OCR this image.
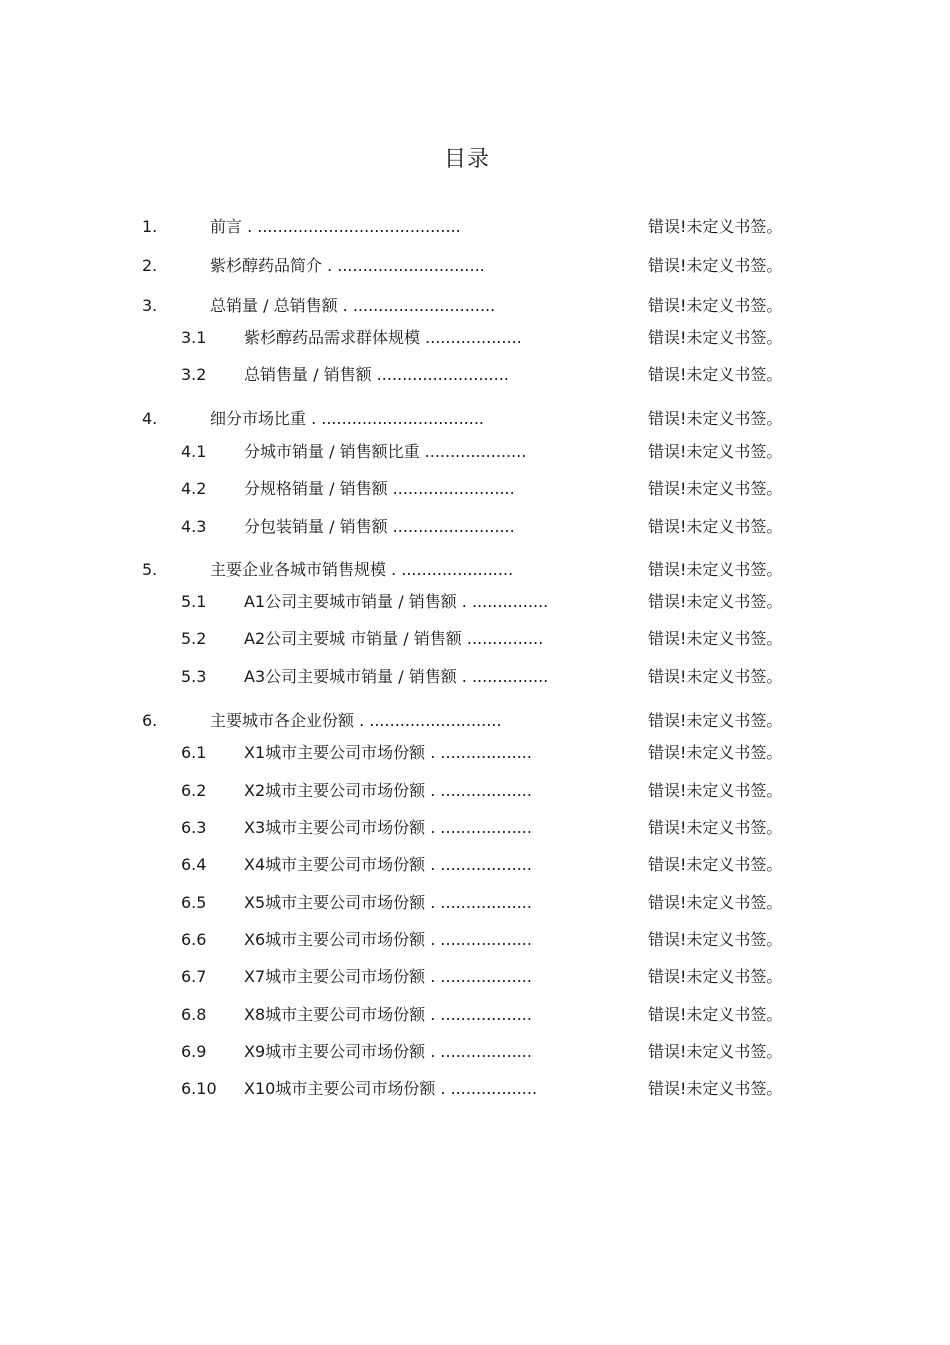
目录
1.	前言 . ........................................	错误!未定义书签。
2.	紫杉醇药品简介 . .............................	错误!未定义书签。
3.	总销量 / 总销售额 . ............................	错误!未定义书签。
3.1 紫杉醇药品需求群体规模 ...................	错误!未定义书签。
3.2 总销售量 / 销售额 ..........................	错误!未定义书签。
4.	细分市场比重 . ................................	错误!未定义书签。
4.1 分城市销量 / 销售额比重 ....................	错误!未定义书签。
4.2 分规格销量 / 销售额 ........................	错误!未定义书签。
4.3 分包装销量 / 销售额 ........................	错误!未定义书签。
5.	主要企业各城市销售规模 . ......................	错误!未定义书签。
5.1 A1公司主要城市销量 / 销售额 . ...............	错误!未定义书签。
5.2 A2公司主要城 市销量 / 销售额 ...............	错误!未定义书签。
5.3 A3公司主要城市销量 / 销售额 . ...............	错误!未定义书签。
6.	主要城市各企业份额 . ..........................	错误!未定义书签。
6.1 X1城市主要公司市场份额 . ..................	错误!未定义书签。
6.2 X2城市主要公司市场份额 . ..................	错误!未定义书签。
6.3 X3城市主要公司市场份额 . ..................	错误!未定义书签。
6.4 X4城市主要公司市场份额 . ..................	错误!未定义书签。
6.5 X5城市主要公司市场份额 . ..................	错误!未定义书签。
6.6 X6城市主要公司市场份额 . ..................	错误!未定义书签。
6.7 X7城市主要公司市场份额 . ..................	错误!未定义书签。
6.8 X8城市主要公司市场份额 . ..................	错误!未定义书签。
6.9 X9城市主要公司市场份额 . ..................	错误!未定义书签。
6.10 X10城市主要公司市场份额 . .................	错误!未定义书签。
